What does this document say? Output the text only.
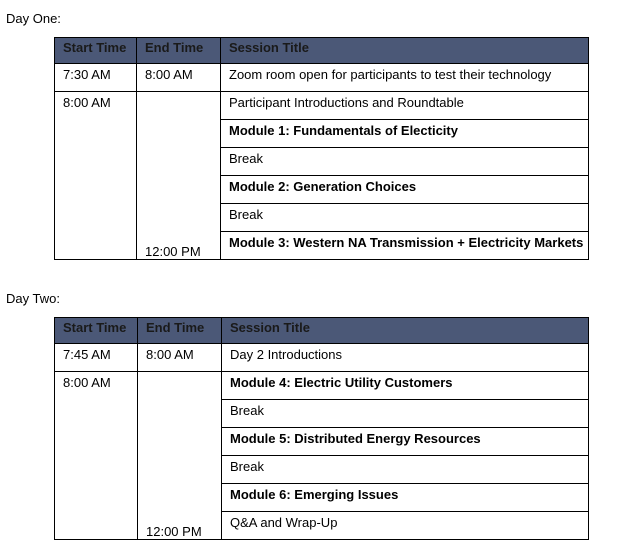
Day One:
Start Time	End Time	Session Title
7:30 AM	8:00 AM	Zoom room open for participants to test their technology
8:00 AM	12:00 PM	Participant Introductions and Roundtable
		Module 1: Fundamentals of Electicity
		Break
		Module 2: Generation Choices
		Break
		Module 3: Western NA Transmission + Electricity Markets
Day Two:
Start Time	End Time	Session Title
7:45 AM	8:00 AM	Day 2 Introductions
8:00 AM	12:00 PM	Module 4: Electric Utility Customers
		Break
		Module 5: Distributed Energy Resources
		Break
		Module 6: Emerging Issues
		Q&A and Wrap-Up
